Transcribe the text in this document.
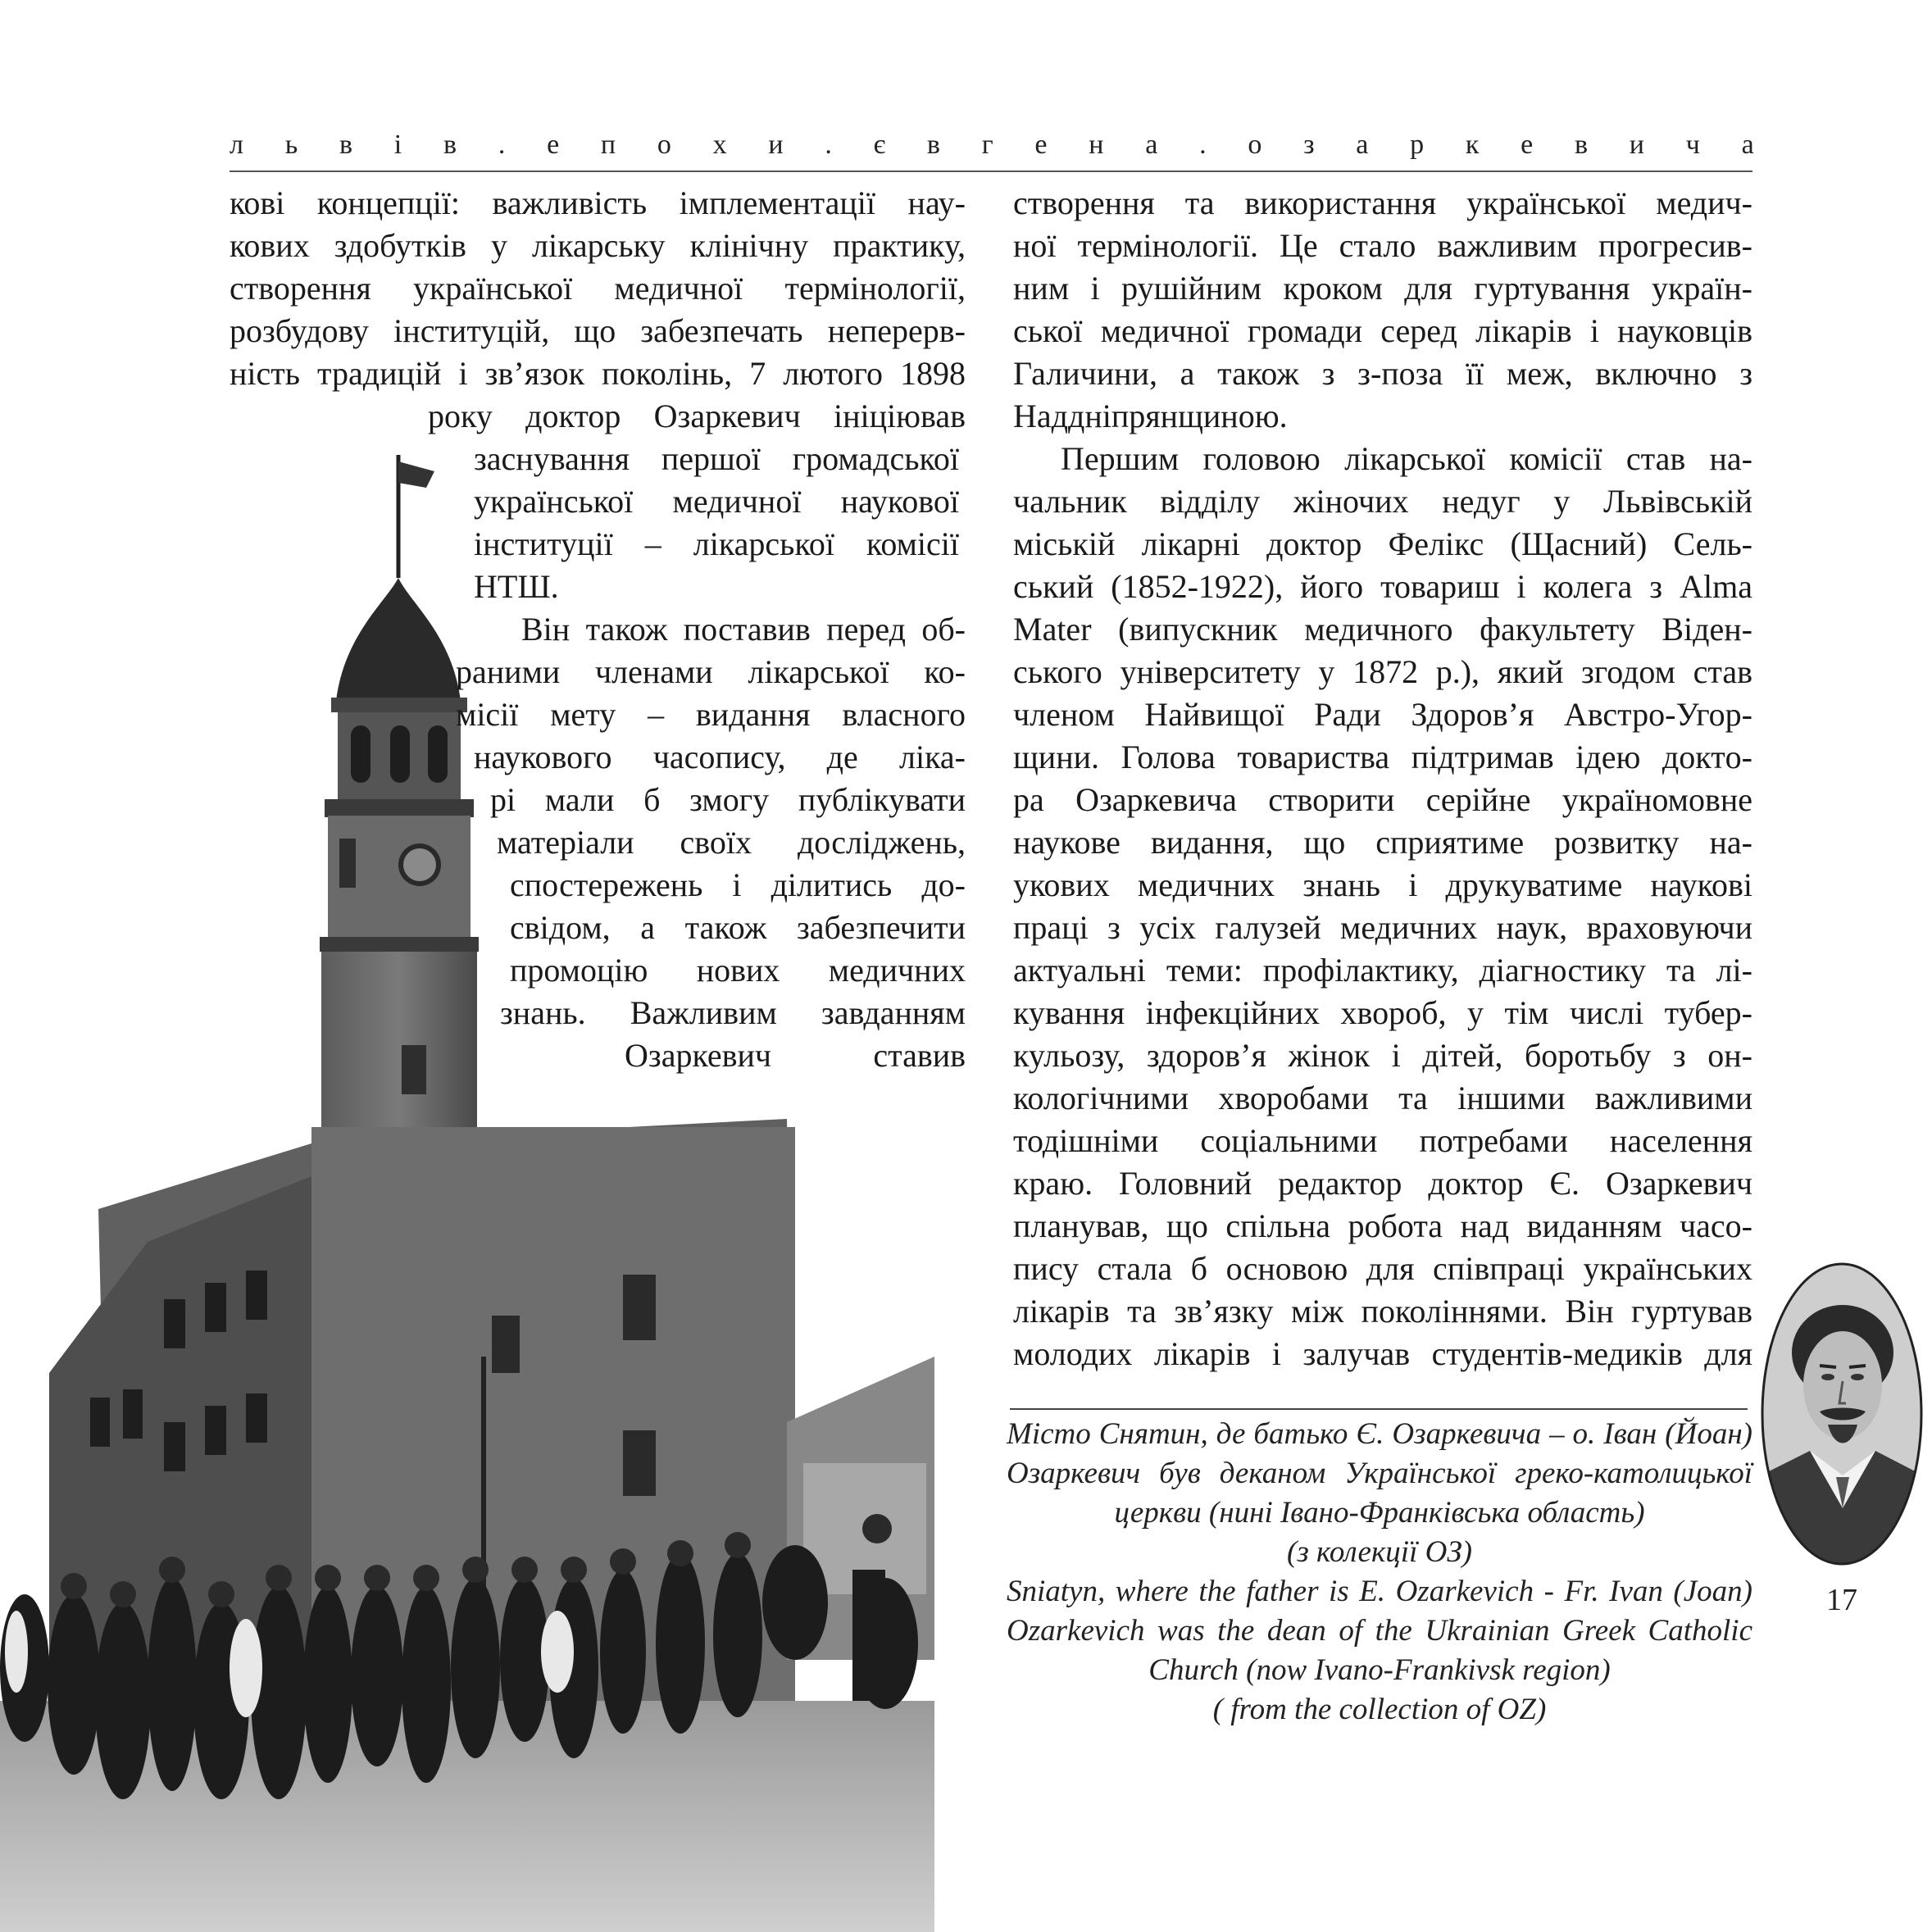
л ь в і в . е п о х и . є в г е н а . о з а р к е в и ч а
кові концепції: важливість імплементації нау-
кових здобутків у лікарську клінічну практику,
створення української медичної термінології,
розбудову інституцій, що забезпечать неперерв-
ність традицій і зв’язок поколінь, 7 лютого 1898
створення та використання української медич-
ної термінології. Це стало важливим прогресив-
ним і рушійним кроком для гуртування україн-
ської медичної громади серед лікарів і науковців
Галичини, а також з з-поза її меж, включно з
Наддніпрянщиною.
Першим головою лікарської комісії став на-
чальник відділу жіночих недуг у Львівській
міській лікарні доктор Фелікс (Щасний) Сель-
ський (1852-1922), його товариш і колега з Alma
Mater (випускник медичного факультету Віден-
ського університету у 1872 р.), який згодом став
членом Найвищої Ради Здоров’я Австро-Угор-
щини. Голова товариства підтримав ідею доктo-
ра Озаркевича створити серійне україномовне
наукове видання, що сприятиме розвитку на-
укових медичних знань і друкуватиме наукові
праці з усіх галузей медичних наук, враховуючи
актуальні теми: профілактику, діагностику та лі-
кування інфекційних хвороб, у тім числі тубер-
кульозу, здоров’я жінок і дітей, боротьбу з он-
кологічними хворобами та іншими важливими
тодішніми соціальними потребами населення
краю. Головний редактор доктор Є. Озаркевич
планував, що спільна робота над виданням часо-
пису стала б основою для співпраці українських
лікарів та зв’язку між поколіннями. Він гуртував
молодих лікарів і залучав студентів-медиків для
Місто Снятин, де батько Є. Озаркевича – о. Іван (Йоан)
Озаркевич був деканом Української греко-католицької
церкви (нині Івано-Франківська область)
(з колекції ОЗ)
Sniatyn, where the father is E. Ozarkevich - Fr. Ivan (Joan)
Ozarkevich was the dean of the Ukrainian Greek Catholic
Church (now Ivano-Frankivsk region)
( from the collection of OZ)
17
року доктор Озаркевич ініціював
заснування першої громадської
української медичної наукової
інституції – лікарської комісії
НТШ.
Він також поставив перед об-
раними членами лікарської ко-
місії мету – видання власного
наукового часопису, де ліка-
рі мали б змогу публікувати
матеріали своїх досліджень,
спостережень і ділитись до-
свідом, а також забезпечити
промоцію нових медичних
знань. Важливим завданням
Озаркевич ставив
